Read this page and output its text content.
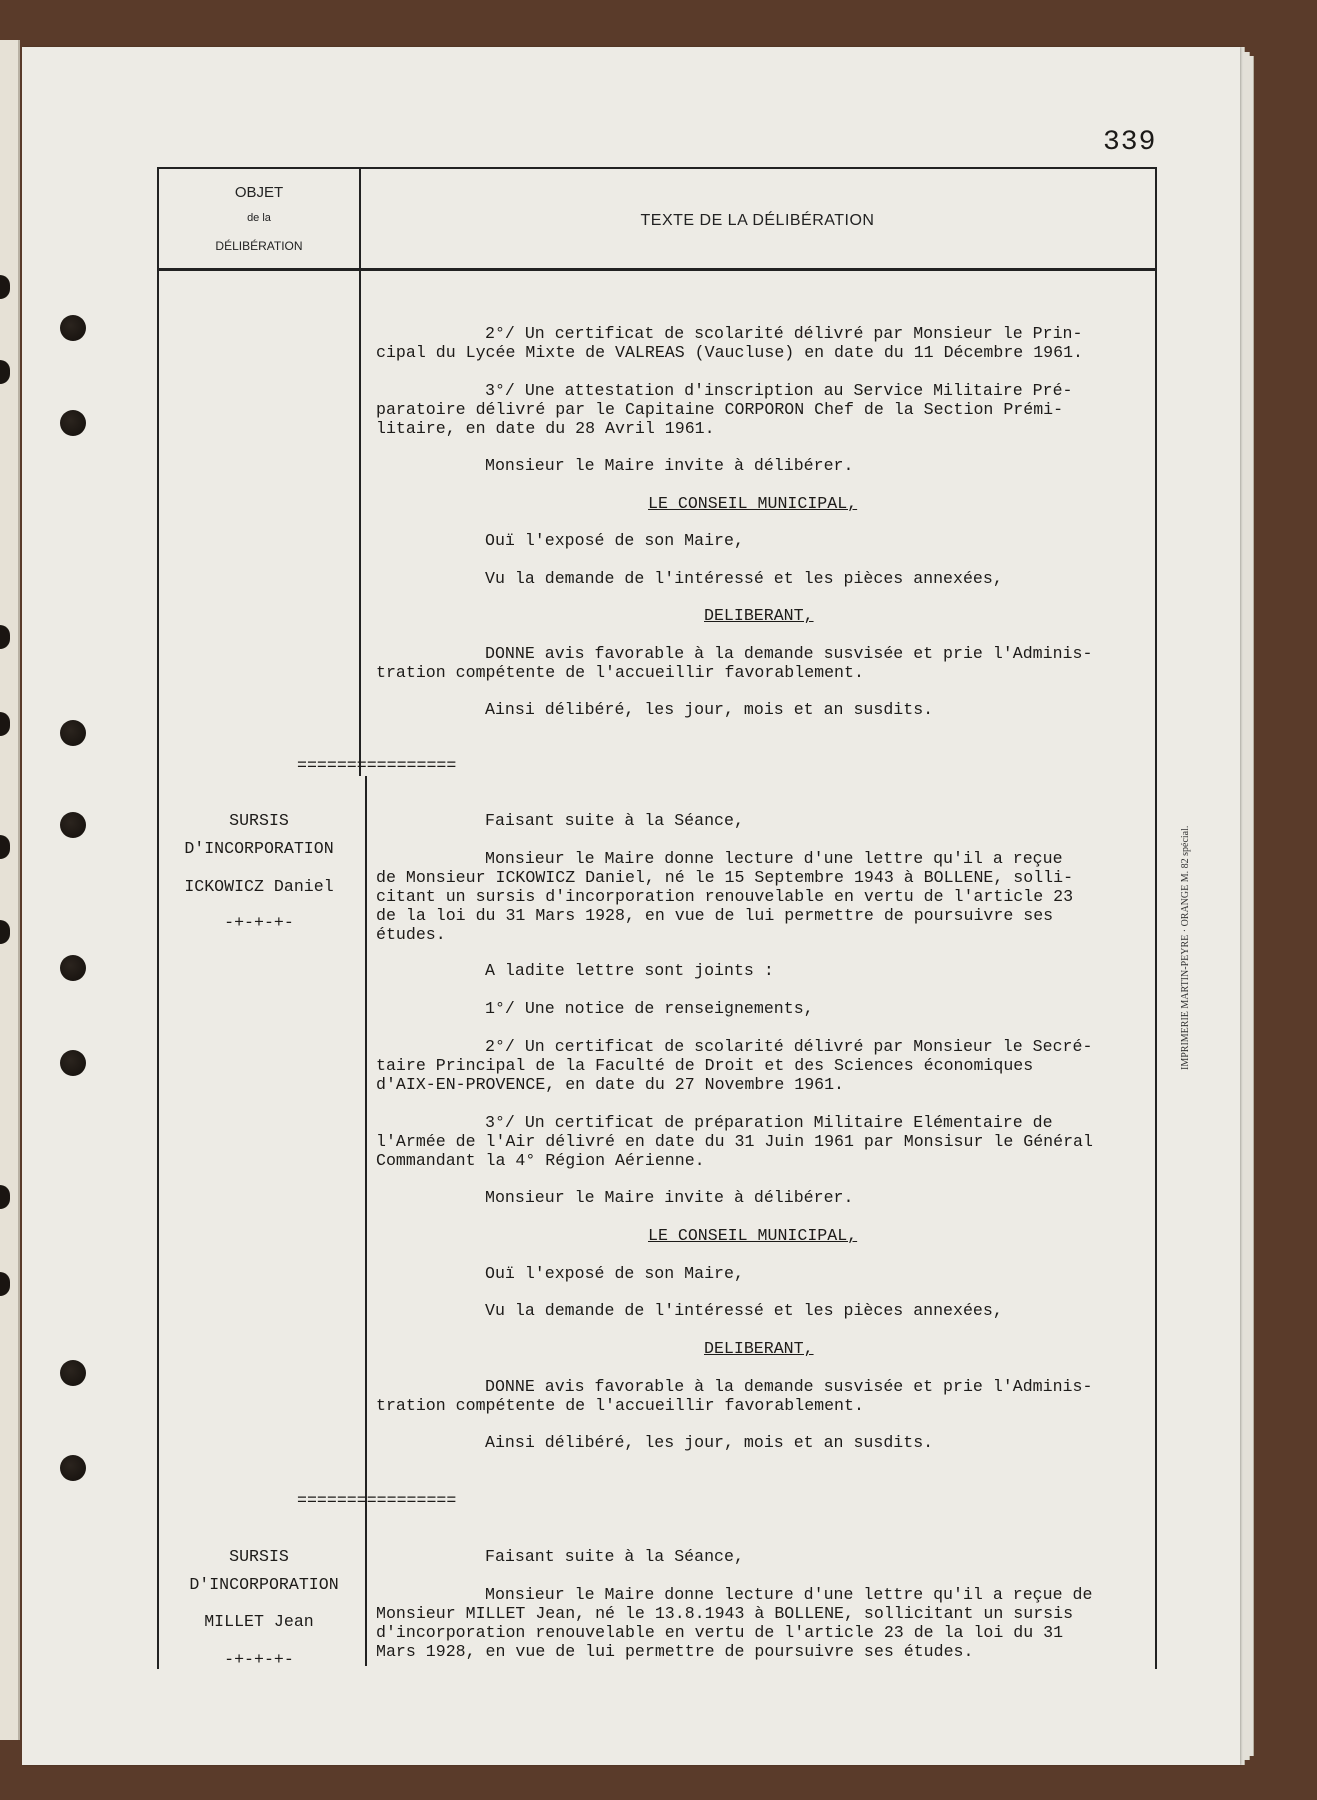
339
OBJET
de la
DÉLIBÉRATION
TEXTE DE LA DÉLIBÉRATION
2°/ Un certificat de scolarité délivré par Monsieur le Prin-
cipal du Lycée Mixte de VALREAS (Vaucluse) en date du 11 Décembre 1961.
3°/ Une attestation d'inscription au Service Militaire Pré-
paratoire délivré par le Capitaine CORPORON Chef de la Section Prémi-
litaire, en date du 28 Avril 1961.
Monsieur le Maire invite à délibérer.
LE CONSEIL MUNICIPAL,
Ouï l'exposé de son Maire,
Vu la demande de l'intéressé et les pièces annexées,
DELIBERANT,
DONNE avis favorable à la demande susvisée et prie l'Adminis-
tration compétente de l'accueillir favorablement.
Ainsi délibéré, les jour, mois et an susdits.
================
SURSIS
D'INCORPORATION
ICKOWICZ Daniel
-+-+-+-
Faisant suite à la Séance,
Monsieur le Maire donne lecture d'une lettre qu'il a reçue
de Monsieur ICKOWICZ Daniel, né le 15 Septembre 1943 à BOLLENE, solli-
citant un sursis d'incorporation renouvelable en vertu de l'article 23
de la loi du 31 Mars 1928, en vue de lui permettre de poursuivre ses
études.
A ladite lettre sont joints :
1°/ Une notice de renseignements,
2°/ Un certificat de scolarité délivré par Monsieur le Secré-
taire Principal de la Faculté de Droit et des Sciences économiques
d'AIX-EN-PROVENCE, en date du 27 Novembre 1961.
3°/ Un certificat de préparation Militaire Elémentaire de
l'Armée de l'Air délivré en date du 31 Juin 1961 par Monsisur le Général
Commandant la 4° Région Aérienne.
Monsieur le Maire invite à délibérer.
LE CONSEIL MUNICIPAL,
Ouï l'exposé de son Maire,
Vu la demande de l'intéressé et les pièces annexées,
DELIBERANT,
DONNE avis favorable à la demande susvisée et prie l'Adminis-
tration compétente de l'accueillir favorablement.
Ainsi délibéré, les jour, mois et an susdits.
================
SURSIS
D'INCORPORATION
MILLET Jean
-+-+-+-
Faisant suite à la Séance,
Monsieur le Maire donne lecture d'une lettre qu'il a reçue de
Monsieur MILLET Jean, né le 13.8.1943 à BOLLENE, sollicitant un sursis
d'incorporation renouvelable en vertu de l'article 23 de la loi du 31
Mars 1928, en vue de lui permettre de poursuivre ses études.
IMPRIMERIE MARTIN-PEYRE · ORANGE M. 82 spécial.
